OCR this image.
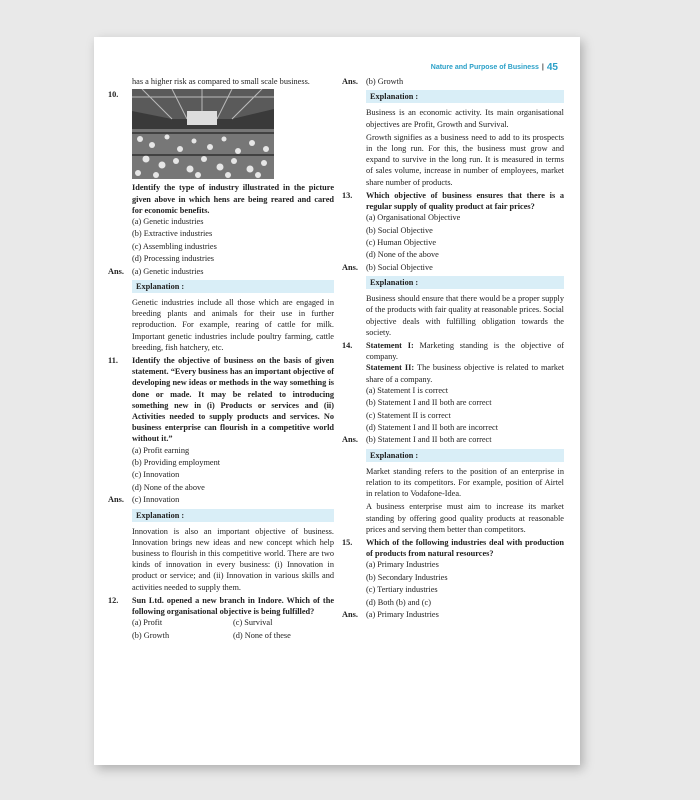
Nature and Purpose of Business | 45

has a higher risk as compared to small scale business.

10.

Identify the type of industry illustrated in the picture given above in which hens are being reared and cared for economic benefits.

(a) Genetic industries
(b) Extractive industries
(c) Assembling industries
(d) Processing industries
Ans. (a) Genetic industries
Explanation :

Genetic industries include all those which are engaged in breeding plants and animals for their use in further reproduction. For example, rearing of cattle for milk. Important genetic industries include poultry farming, cattle breeding, fish hatchery, etc.

11.	Identify the objective of business on the basis of given statement. “Every business has an important objective of developing new ideas or methods in the way something is done or made. It may be related to introducing something new in (i) Products or services and (ii) Activities needed to supply products and services. No business enterprise can flourish in a competitive world without it.”
(a) Profit earning
(b) Providing employment
(c) Innovation
(d) None of the above
Ans. (c) Innovation
Explanation :

Innovation is also an important objective of business. Innovation brings new ideas and new concept which help business to flourish in this competitive world. There are two kinds of innovation in every business: (i) Innovation in product or service; and (ii) Innovation in various skills and activities needed to supply them.

12.	Sun Ltd. opened a new branch in Indore. Which of the following organisational objective is being fulfilled?
(a) Profit	(c) Survival
(b) Growth	(d) None of these
Ans. (b) Growth
Explanation :

Business is an economic activity. Its main organisational objectives are Profit, Growth and Survival.

Growth signifies as a business need to add to its prospects in the long run. For this, the business must grow and expand to survive in the long run. It is measured in terms of sales volume, increase in number of employees, market share number of products.

13.	Which objective of business ensures that there is a regular supply of quality product at fair prices?
(a) Organisational Objective
(b) Social Objective
(c) Human Objective
(d) None of the above
Ans. (b) Social Objective
Explanation :

Business should ensure that there would be a proper supply of the products with fair quality at reasonable prices. Social objective deals with fulfilling obligation towards the society.

14.	Statement I: Marketing standing is the objective of company.

Statement II: The business objective is related to market share of a company.

(a) Statement I is correct
(b) Statement I and II both are correct
(c) Statement II is correct
(d) Statement I and II both are incorrect
Ans. (b) Statement I and II both are correct
Explanation :

Market standing refers to the position of an enterprise in relation to its competitors. For example, position of Airtel in relation to Vodafone-Idea.

A business enterprise must aim to increase its market standing by offering good quality products at reasonable prices and serving them better than competitors.

15.	Which of the following industries deal with production of products from natural resources?
(a) Primary Industries
(b) Secondary Industries
(c) Tertiary industries
(d) Both (b) and (c)
Ans. (a) Primary Industries
